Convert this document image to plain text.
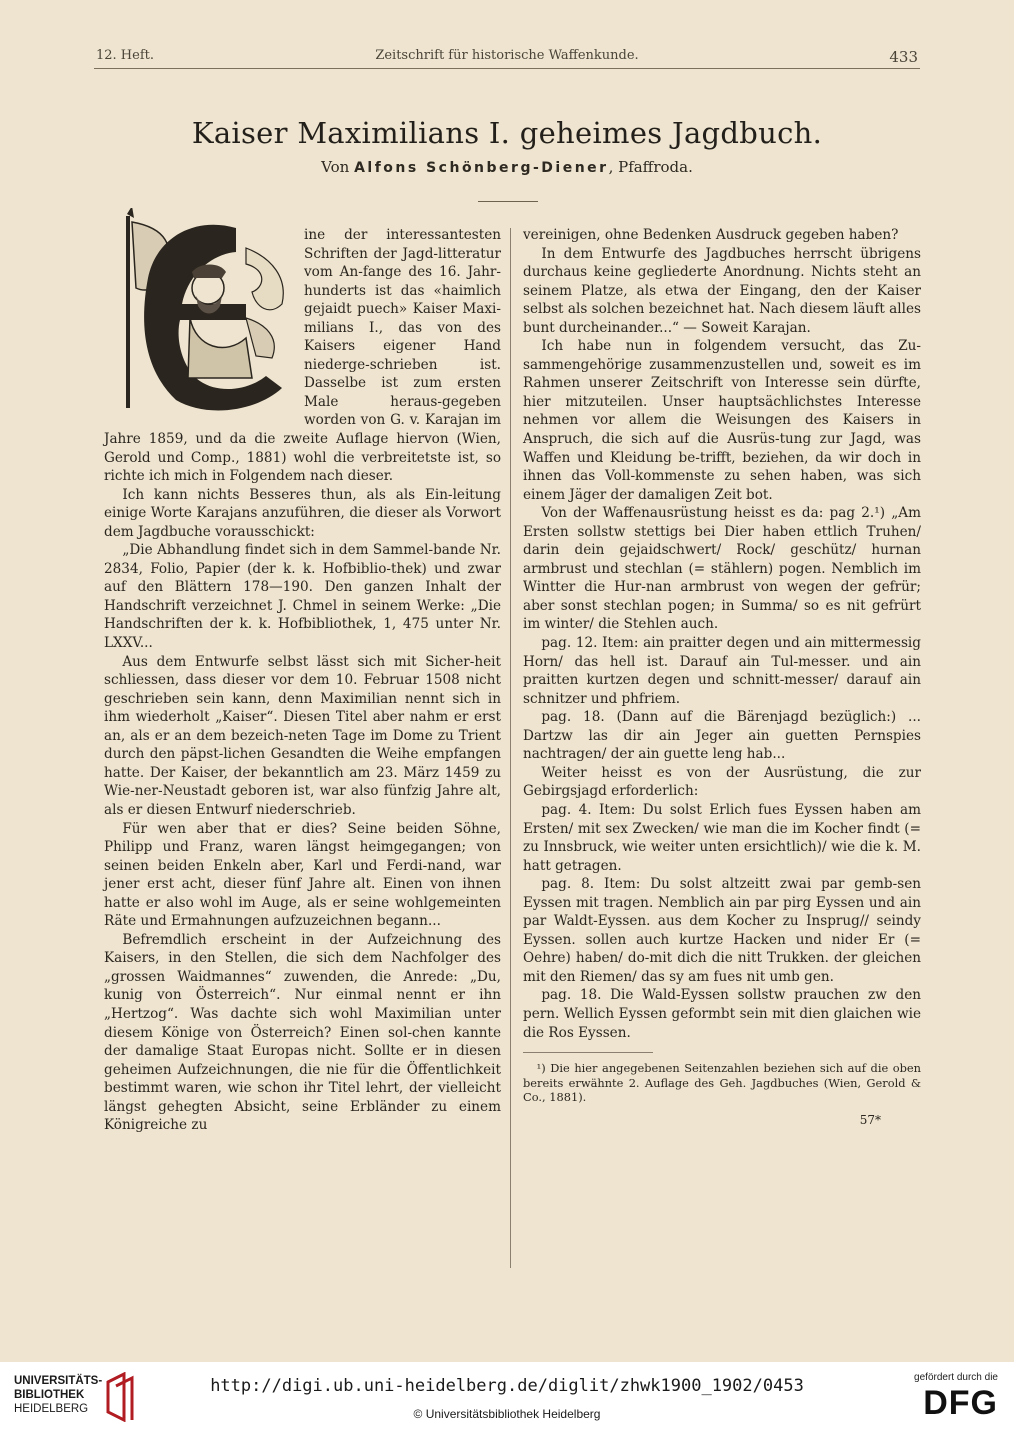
12. Heft.	Zeitschrift für historische Waffenkunde.	433
Kaiser Maximilians I. geheimes Jagdbuch.
Von Alfons Schönberg-Diener, Pfaffroda.

ine der interessantesten Schriften der Jagd-litteratur vom An-fange des 16. Jahr-hunderts ist das «haimlich gejaidt puech» Kaiser Maxi-milians I., das von des Kaisers eigener Hand niederge-schrieben ist. Dasselbe ist zum ersten Male heraus-gegeben worden von G. v. Karajan im Jahre 1859, und da die zweite Auflage hiervon (Wien, Gerold und Comp., 1881) wohl die verbreitetste ist, so richte ich mich in Folgendem nach dieser.

Ich kann nichts Besseres thun, als als Ein-leitung einige Worte Karajans anzuführen, die dieser als Vorwort dem Jagdbuche vorausschickt:

„Die Abhandlung findet sich in dem Sammel-bande Nr. 2834, Folio, Papier (der k. k. Hofbiblio-thek) und zwar auf den Blättern 178—190. Den ganzen Inhalt der Handschrift verzeichnet J. Chmel in seinem Werke: „Die Handschriften der k. k. Hofbibliothek, 1, 475 unter Nr. LXXV...

Aus dem Entwurfe selbst lässt sich mit Sicher-heit schliessen, dass dieser vor dem 10. Februar 1508 nicht geschrieben sein kann, denn Maximilian nennt sich in ihm wiederholt „Kaiser“. Diesen Titel aber nahm er erst an, als er an dem bezeich-neten Tage im Dome zu Trient durch den päpst-lichen Gesandten die Weihe empfangen hatte. Der Kaiser, der bekanntlich am 23. März 1459 zu Wie-ner-Neustadt geboren ist, war also fünfzig Jahre alt, als er diesen Entwurf niederschrieb.

Für wen aber that er dies? Seine beiden Söhne, Philipp und Franz, waren längst heimgegangen; von seinen beiden Enkeln aber, Karl und Ferdi-nand, war jener erst acht, dieser fünf Jahre alt. Einen von ihnen hatte er also wohl im Auge, als er seine wohlgemeinten Räte und Ermahnungen aufzuzeichnen begann...

Befremdlich erscheint in der Aufzeichnung des Kaisers, in den Stellen, die sich dem Nachfolger des „grossen Waidmannes“ zuwenden, die Anrede: „Du, kunig von Österreich“. Nur einmal nennt er ihn „Hertzog“. Was dachte sich wohl Maximilian unter diesem Könige von Österreich? Einen sol-chen kannte der damalige Staat Europas nicht. Sollte er in diesen geheimen Aufzeichnungen, die nie für die Öffentlichkeit bestimmt waren, wie schon ihr Titel lehrt, der vielleicht längst gehegten Absicht, seine Erbländer zu einem Königreiche zu

vereinigen, ohne Bedenken Ausdruck gegeben haben?

In dem Entwurfe des Jagdbuches herrscht übrigens durchaus keine gegliederte Anordnung. Nichts steht an seinem Platze, als etwa der Eingang, den der Kaiser selbst als solchen bezeichnet hat. Nach diesem läuft alles bunt durcheinander...“ — Soweit Karajan.

Ich habe nun in folgendem versucht, das Zu-sammengehörige zusammenzustellen und, soweit es im Rahmen unserer Zeitschrift von Interesse sein dürfte, hier mitzuteilen. Unser hauptsächlichstes Interesse nehmen vor allem die Weisungen des Kaisers in Anspruch, die sich auf die Ausrüs-tung zur Jagd, was Waffen und Kleidung be-trifft, beziehen, da wir doch in ihnen das Voll-kommenste zu sehen haben, was sich einem Jäger der damaligen Zeit bot.

Von der Waffenausrüstung heisst es da: pag 2.¹) „Am Ersten sollstw stettigs bei Dier haben ettlich Truhen/ darin dein gejaidschwert/ Rock/ geschütz/ hurnan armbrust und stechlan (= stählern) pogen. Nemblich im Wintter die Hur-nan armbrust von wegen der gefrür; aber sonst stechlan pogen; in Summa/ so es nit gefrürt im winter/ die Stehlen auch.

pag. 12. Item: ain praitter degen und ain mittermessig Horn/ das hell ist. Darauf ain Tul-messer. und ain praitten kurtzen degen und schnitt-messer/ darauf ain schnitzer und phfriem.

pag. 18. (Dann auf die Bärenjagd bezüglich:) ... Dartzw las dir ain Jeger ain guetten Pernspies nachtragen/ der ain guette leng hab...

Weiter heisst es von der Ausrüstung, die zur Gebirgsjagd erforderlich:

pag. 4. Item: Du solst Erlich fues Eyssen haben am Ersten/ mit sex Zwecken/ wie man die im Kocher findt (= zu Innsbruck, wie weiter unten ersichtlich)/ wie die k. M. hatt getragen.

pag. 8. Item: Du solst altzeitt zwai par gemb-sen Eyssen mit tragen. Nemblich ain par pirg Eyssen und ain par Waldt-Eyssen. aus dem Kocher zu Insprug// seindy Eyssen. sollen auch kurtze Hacken und nider Er (= Oehre) haben/ do-mit dich die nitt Trukken. der gleichen mit den Riemen/ das sy am fues nit umb gen.

pag. 18. Die Wald-Eyssen sollstw prauchen zw den pern. Wellich Eyssen geformbt sein mit dien glaichen wie die Ros Eyssen.

¹) Die hier angegebenen Seitenzahlen beziehen sich auf die oben bereits erwähnte 2. Auflage des Geh. Jagdbuches (Wien, Gerold & Co., 1881).

57*
UNIVERSITÄTS-
BIBLIOTHEK
HEIDELBERG
http://digi.ub.uni-heidelberg.de/diglit/zhwk1900_1902/0453
© Universitätsbibliothek Heidelberg
gefördert durch die
DFG
